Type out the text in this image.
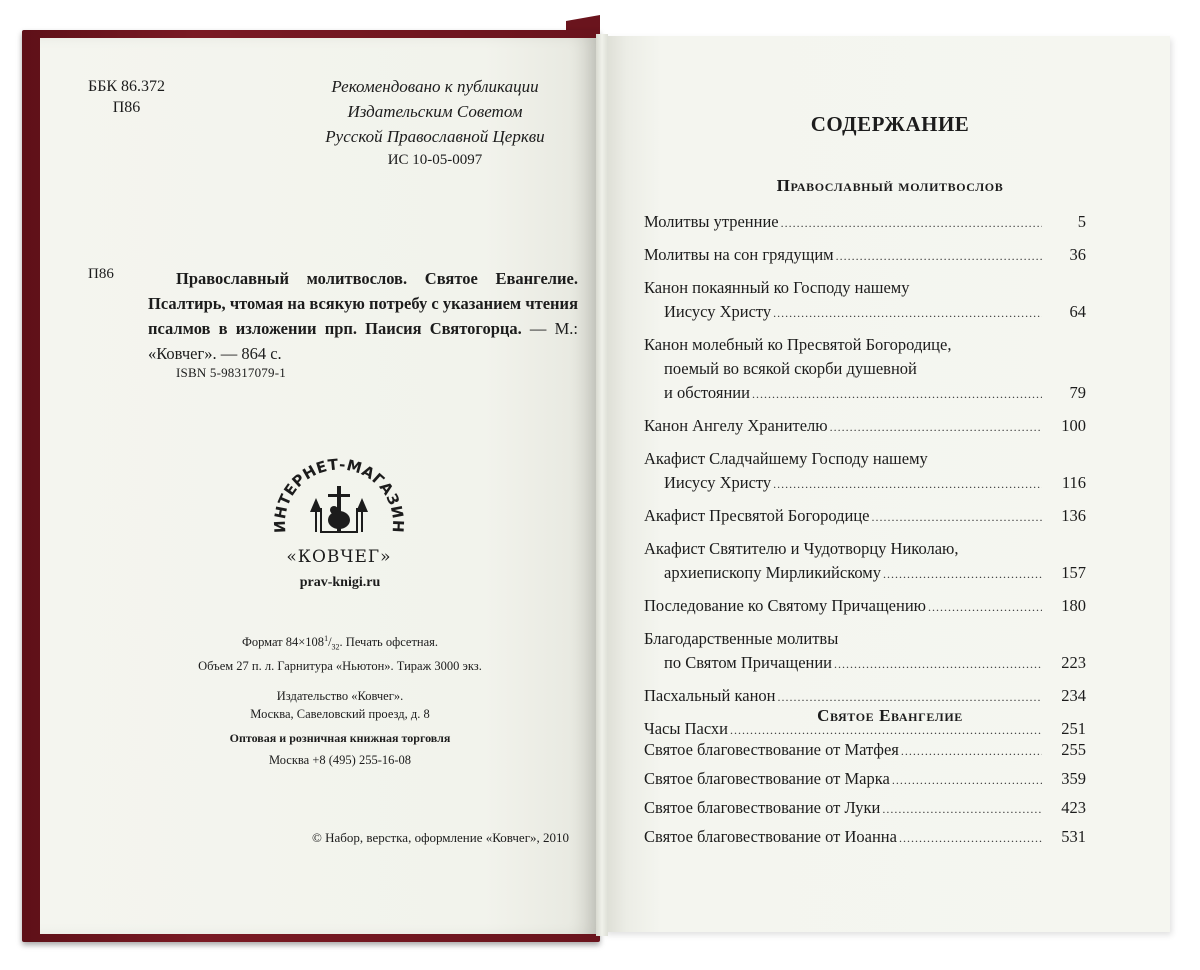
ББК 86.372
П86
Рекомендовано к публикации
Издательским Советом
Русской Православной Церкви
ИС 10-05-0097
П86	Православный молитвослов. Святое Евангелие. Псалтирь, чтомая на всякую потребу с указанием чтения псалмов в изложении прп. Паисия Святогорца. — М.: «Ковчег». — 864 с.
ISBN 5-98317079-1
ИНТЕРНЕТ-МАГАЗИН
«КОВЧЕГ»
prav-knigi.ru
Формат $84\times 108^1/_{32}$. Печать офсетная.
Объем 27 п. л. Гарнитура «Ньютон». Тираж 3000 экз.
Издательство «Ковчег».
Москва, Савеловский проезд, д. 8
Оптовая и розничная книжная торговля
Москва +8 (495) 255-16-08
© Набор, верстка, оформление «Ковчег», 2010
СОДЕРЖАНИЕ
Православный молитвослов
Молитвы утренние .....	5
Молитвы на сон грядущим .....	36
Канон покаянный ко Господу нашему
Иисусу Христу .....	64
Канон молебный ко Пресвятой Богородице,
поемый во всякой скорби душевной
и обстоянии .....	79
Канон Ангелу Хранителю .....	100
Акафист Сладчайшему Господу нашему
Иисусу Христу .....	116
Акафист Пресвятой Богородице .....	136
Акафист Святителю и Чудотворцу Николаю,
архиепископу Мирликийскому .....	157
Последование ко Святому Причащению .....	180
Благодарственные молитвы
по Святом Причащении .....	223
Пасхальный канон .....	234
Часы Пасхи .....	251
Святое Евангелие
Святое благовествование от Матфея .....	255
Святое благовествование от Марка .....	359
Святое благовествование от Луки .....	423
Святое благовествование от Иоанна .....	531
